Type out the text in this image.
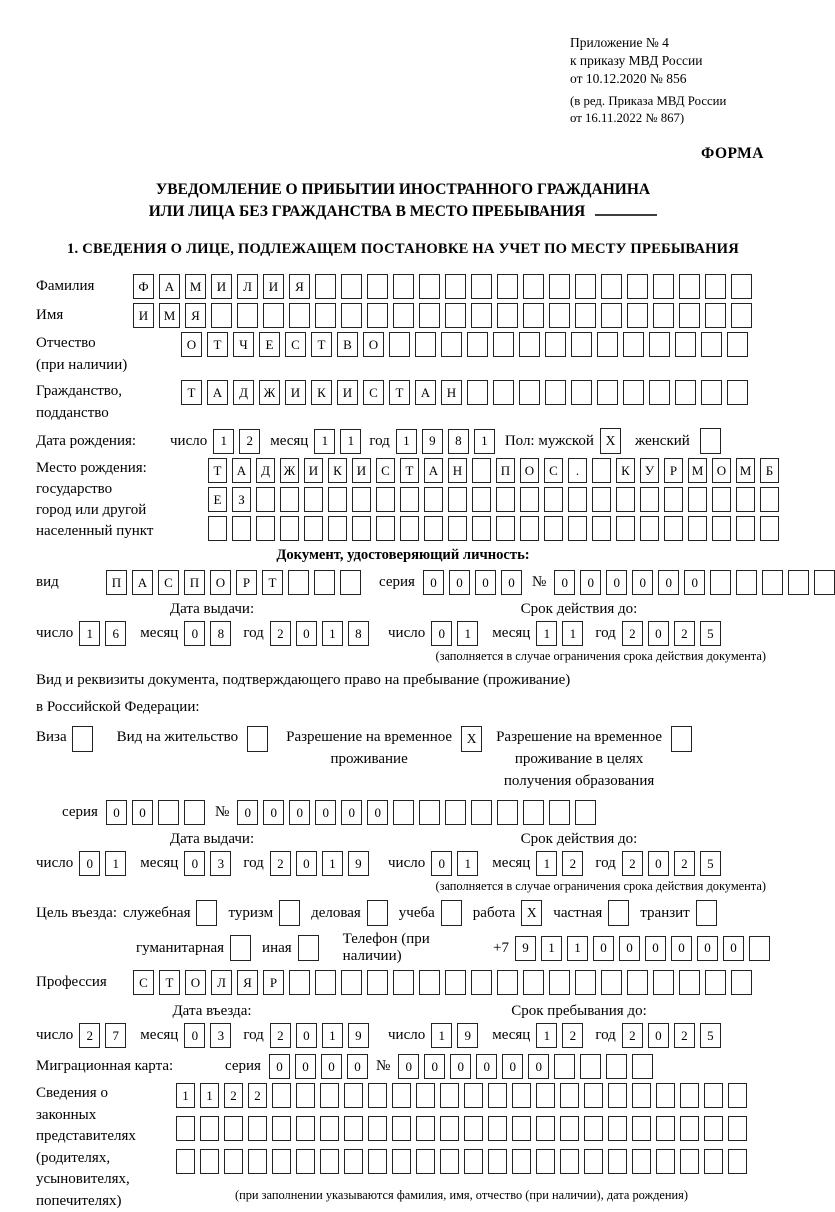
Приложение № 4
к приказу МВД России
от 10.12.2020 № 856
(в ред. Приказа МВД России
от 16.11.2022 № 867)
ФОРМА
УВЕДОМЛЕНИЕ О ПРИБЫТИИ ИНОСТРАННОГО ГРАЖДАНИНА
ИЛИ ЛИЦА БЕЗ ГРАЖДАНСТВА В МЕСТО ПРЕБЫВАНИЯ
1. СВЕДЕНИЯ О ЛИЦЕ, ПОДЛЕЖАЩЕМ ПОСТАНОВКЕ НА УЧЕТ ПО МЕСТУ ПРЕБЫВАНИЯ
Фамилия	Ф	А	М	И	Л	И	Я
Имя	И	М	Я
Отчество
(при наличии)
О	Т	Ч	Е	С	Т	В	О
Гражданство,
подданство
Т	А	Д	Ж	И	К	И	С	Т	А	Н
Дата рождения:	число	1	2	месяц	1	1	год	1	9	8	1	Пол: мужской X	женский
Место рождения:
государство
город или другой
населенный пункт
Т	А	Д	Ж	И	К	И	С	Т	А	Н	П	О	С	.	К	У	Р	М	О	М	Б
Е	З
Документ, удостоверяющий личность:
вид	П	А	С	П	О	Р	Т	серия	0	0	0	0	№	0	0	0	0	0	0
Дата выдачи:
число	1	6	месяц	0	8	год	2	0	1	8
Срок действия до:
число	0	1	месяц	1	1	год	2	0	2	5
(заполняется в случае ограничения срока действия документа)
Вид и реквизиты документа, подтверждающего право на пребывание (проживание)
в Российской Федерации:
Виза	Вид на жительство	Разрешение на временное
проживание
X	Разрешение на временное
проживание в целях
получения образования
серия	0	0	№	0	0	0	0	0	0
Дата выдачи:
число	0	1	месяц	0	3	год	2	0	1	9
Срок действия до:
число	0	1	месяц	1	2	год	2	0	2	5
(заполняется в случае ограничения срока действия документа)
Цель въезда: служебная	туризм	деловая	учеба	работа X	частная	транзит
гуманитарная	иная
Телефон (при наличии)
+7	9	1	1	0	0	0	0	0	0
Профессия	С	Т	О	Л	Я	Р
Дата въезда:
число	2	7	месяц	0	3	год	2	0	1	9
Срок пребывания до:
число	1	9	месяц	1	2	год	2	0	2	5
Миграционная карта:	серия	0	0	0	0	№	0	0	0	0	0	0
Сведения о
законных
представителях
(родителях,
усыновителях,
попечителях)
1	1	2	2
(при заполнении указываются фамилия, имя, отчество (при наличии), дата рождения)
